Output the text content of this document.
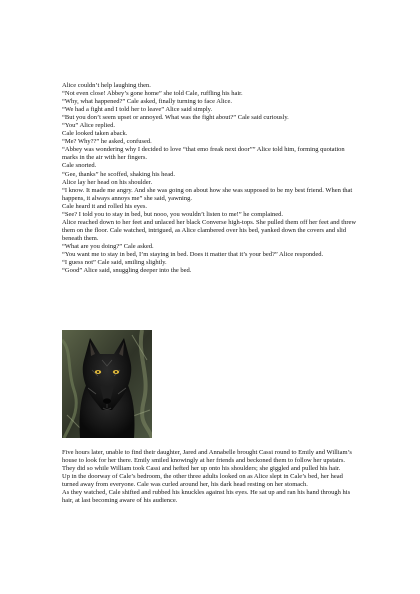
Alice couldn’t help laughing then.

“Not even close! Abbey’s gone home” she told Cale, ruffling his hair.

“Why, what happened?” Cale asked, finally turning to face Alice.

“We had a fight and I told her to leave” Alice said simply.

“But you don’t seem upset or annoyed. What was the fight about?” Cale said curiously.

“You” Alice replied.

Cale looked taken aback.

“Me? Why??” he asked, confused.

“Abbey was wondering why I decided to love “that emo freak next door”” Alice told him, forming quotation marks in the air with her fingers.

Cale snorted.

“Gee, thanks” he scoffed, shaking his head.

Alice lay her head on his shoulder.

“I know. It made me angry. And she was going on about how she was supposed to be my best friend. When that happens, it always annoys me” she said, yawning.

Cale heard it and rolled his eyes.

“See? I told you to stay in bed, but nooo, you wouldn’t listen to me!” he complained.

Alice reached down to her feet and unlaced her black Converse high-tops. She pulled them off her feet and threw them on the floor. Cale watched, intrigued, as Alice clambered over his bed, yanked down the covers and slid beneath them.

“What are you doing?” Cale asked.

“You want me to stay in bed, I’m staying in bed. Does it matter that it’s your bed?” Alice responded.

“I guess not” Cale said, smiling slightly.

“Good” Alice said, snuggling deeper into the bed.

Five hours later, unable to find their daughter, Jared and Annabelle brought Cassi round to Emily and William’s house to look for her there. Emily smiled knowingly at her friends and beckoned them to follow her upstairs. They did so while William took Cassi and hefted her up onto his shoulders; she giggled and pulled his hair.

Up in the doorway of Cale’s bedroom, the other three adults looked on as Alice slept in Cale’s bed, her head turned away from everyone. Cale was curled around her, his dark head resting on her stomach.

As they watched, Cale shifted and rubbed his knuckles against his eyes. He sat up and ran his hand through his hair, at last becoming aware of his audience.
